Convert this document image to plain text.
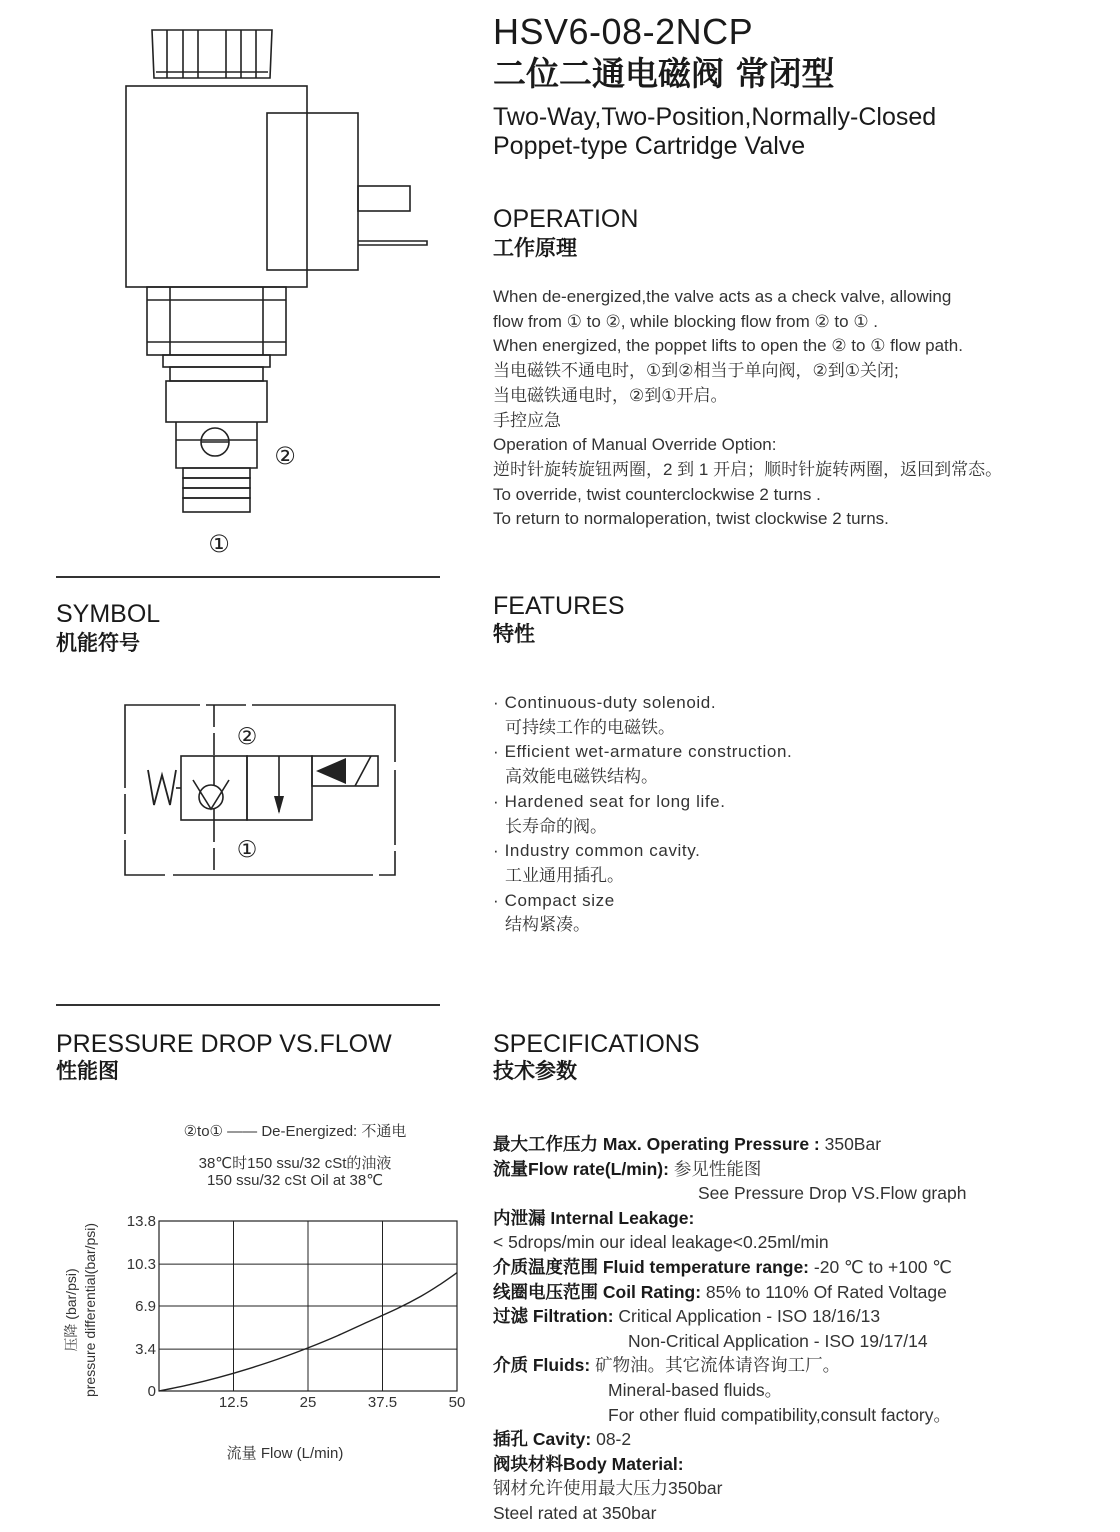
HSV6-08-2NCP
二位二通电磁阀 常闭型
Two-Way,Two-Position,Normally-Closed
Poppet-type Cartridge Valve
②
①
OPERATION
工作原理
When de-energized,the valve acts as a check valve, allowing
flow from ① to ②, while blocking flow from ② to ① .
When energized, the poppet lifts to open the ② to ① flow path.
当电磁铁不通电时，①到②相当于单向阀，②到①关闭;
当电磁铁通电时，②到①开启。
手控应急
Operation of Manual Override Option:
逆时针旋转旋钮两圈，2 到 1 开启；顺时针旋转两圈，返回到常态。
To override, twist counterclockwise 2 turns .
To return to normaloperation, twist clockwise 2 turns.
SYMBOL
机能符号
②
①
FEATURES
特性
· Continuous-duty solenoid.
可持续工作的电磁铁。
· Efficient wet-armature construction.
高效能电磁铁结构。
· Hardened seat for long life.
长寿命的阀。
· Industry common cavity.
工业通用插孔。
· Compact size
结构紧凑。
PRESSURE DROP VS.FLOW
性能图
②to① —— De-Energized: 不通电
38℃时150 ssu/32 cSt的油液
150 ssu/32 cSt Oil at 38℃
0
3.4
6.9
10.3
13.8
12.5	25	37.5	50
压降 (bar/psi) pressure differential(bar/psi)
流量 Flow (L/min)
SPECIFICATIONS
技术参数
最大工作压力 Max. Operating Pressure : 350Bar
流量Flow rate(L/min): 参见性能图
See Pressure Drop VS.Flow graph
内泄漏 Internal Leakage:
< 5drops/min our ideal leakage<0.25ml/min
介质温度范围 Fluid temperature range: -20 ℃ to +100 ℃
线圈电压范围 Coil Rating: 85% to 110% Of Rated Voltage
过滤 Filtration: Critical Application - ISO 18/16/13
Non-Critical Application - ISO 19/17/14
介质 Fluids: 矿物油。其它流体请咨询工厂。
Mineral-based fluids。
For other fluid compatibility,consult factory。
插孔 Cavity: 08-2
阀块材料Body Material:
钢材允许使用最大压力350bar
Steel rated at 350bar
